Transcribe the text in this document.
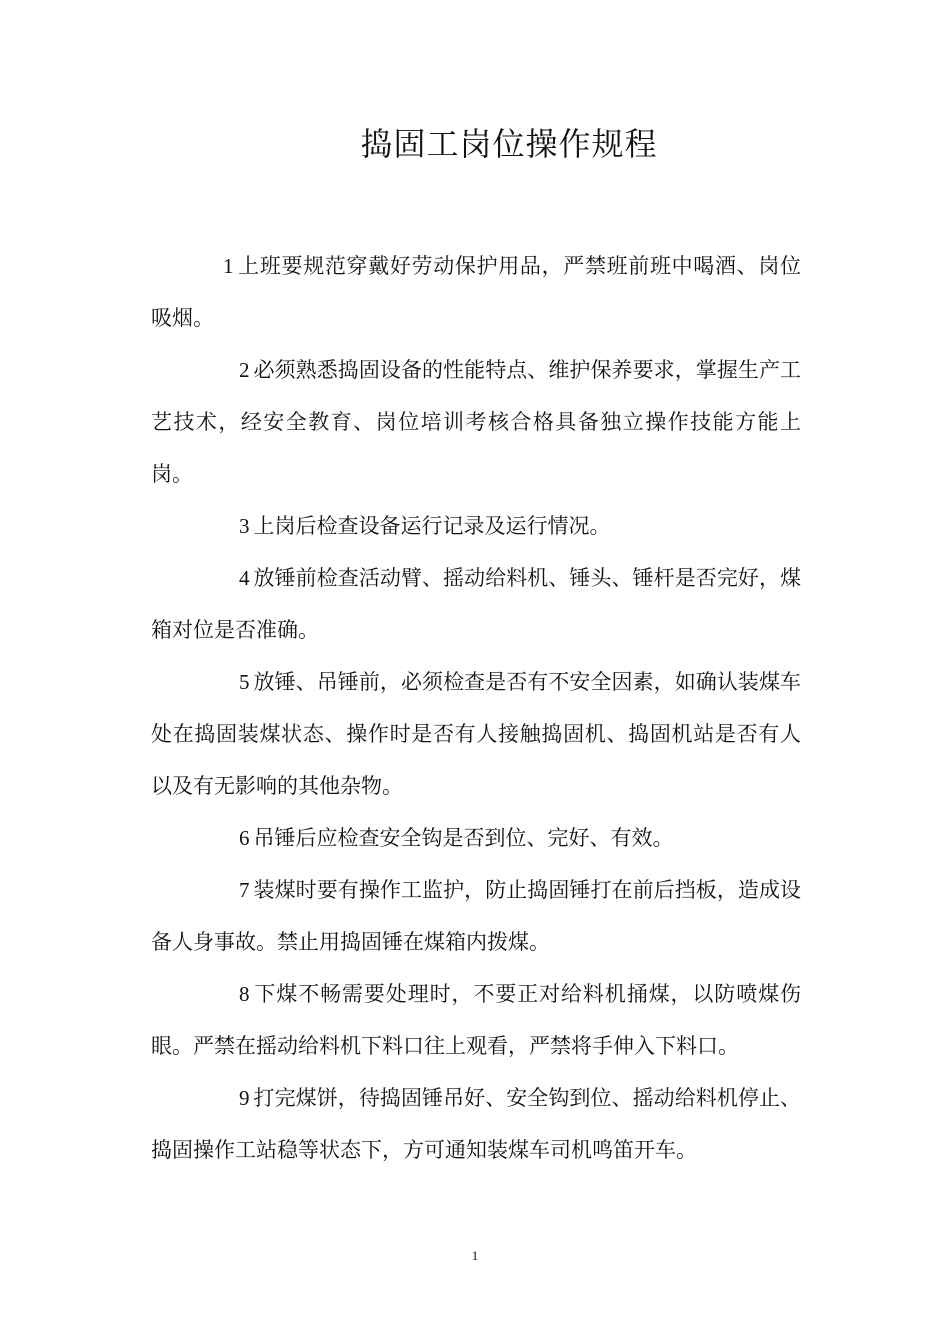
捣固工岗位操作规程

1 上班要规范穿戴好劳动保护用品，严禁班前班中喝酒、岗位吸烟。

2 必须熟悉捣固设备的性能特点、维护保养要求，掌握生产工艺技术，经安全教育、岗位培训考核合格具备独立操作技能方能上岗。

3 上岗后检查设备运行记录及运行情况。

4 放锤前检查活动臂、摇动给料机、锤头、锤杆是否完好，煤箱对位是否准确。

5 放锤、吊锤前，必须检查是否有不安全因素，如确认装煤车处在捣固装煤状态、操作时是否有人接触捣固机、捣固机站是否有人以及有无影响的其他杂物。

6 吊锤后应检查安全钩是否到位、完好、有效。

7 装煤时要有操作工监护，防止捣固锤打在前后挡板，造成设备人身事故。禁止用捣固锤在煤箱内拨煤。

8 下煤不畅需要处理时，不要正对给料机捅煤，以防喷煤伤眼。严禁在摇动给料机下料口往上观看，严禁将手伸入下料口。

9 打完煤饼，待捣固锤吊好、安全钩到位、摇动给料机停止、捣固操作工站稳等状态下，方可通知装煤车司机鸣笛开车。

1
